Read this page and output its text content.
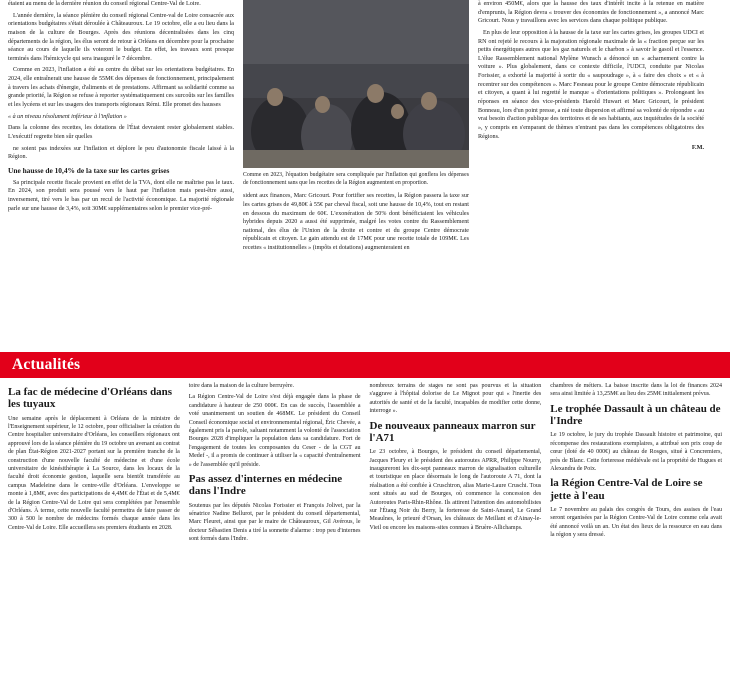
étaient au menu de la dernière réunion du conseil régional Centre-Val de Loire.

L'année dernière, la séance plénière du conseil régional Centre-val de Loire consacrée aux orientations budgétaires s'était déroulée à Châteauroux. Le 19 octobre, elle a eu lieu dans la maison de la culture de Bourges. Après des réunions décentralisées dans les cinq départements de la région, les élus seront de retour à Orléans en décembre pour la prochaine séance au cours de laquelle ils voteront le budget. En effet, les travaux sont presque terminés dans l'hémicycle qui sera inauguré le 7 décembre.

Comme en 2023, l'inflation a été au centre du débat sur les orientations budgétaires. En 2024, elle entraînerait une hausse de 55M€ des dépenses de fonctionnement, principalement à travers les achats d'énergie, d'aliments et de prestations. Affirmant sa solidarité comme sa grande priorité, la Région se refuse à reporter systématiquement ces surcoûts sur les familles et les lycéens et sur les usagers des transports régionaux Rémi. Elle promet des hausses

« à un niveau résolument inférieur à l'inflation »

Dans la colonne des recettes, les dotations de l'État devraient rester globalement stables. L'exécutif regrette bien sûr quelles

ne soient pas indexées sur l'inflation et déplore le peu d'autonomie fiscale laissé à la Région.

Une hausse de 10,4% de la taxe sur les cartes grises

Sa principale recette fiscale provient en effet de la TVA, dont elle ne maîtrise pas le taux. En 2024, son produit sera poussé vers le haut par l'inflation mais peut-être aussi, inversement, tiré vers le bas par un recul de l'activité économique. La majorité régionale parle sur une hausse de 3,4%, soit 30M€ supplémentaires selon le premier vice-pré-

Comme en 2023, l'équation budgétaire sera compliquée par l'inflation qui gonflera les dépenses de fonctionnement sans que les recettes de la Région augmentent en proportion.

sident aux finances, Marc Gricourt. Pour fortifier ses recettes, la Région passera la taxe sur les cartes grises de 49,80€ à 55€ par cheval fiscal, soit une hausse de 10,4%, tout en restant en dessous du maximum de 60€. L'exonération de 50% dont bénéficiaient les véhicules hybrides depuis 2020 a aussi été supprimée, malgré les votes contre du Rassemblement national, des élus de l'Union de la droite et contre et du groupe Centre démocrate républicain et citoyen. Le gain attendu est de 17M€ pour une recette totale de 109M€. Les recettes « institutionnelles » (impôts et dotations) augmenteraient en

à environ 450M€, alors que la hausse des taux d'intérêt incite à la retenue en matière d'emprunts, la Région devra « trouver des économies de fonctionnement », a annoncé Marc Gricourt. Nous y travaillons avec les services dans chaque politique publique.

En plus de leur opposition à la hausse de la taxe sur les cartes grises, les groupes UDCI et RN ont rejeté le recours à la majoration régionale maximale de la « fraction perçue sur les petits énergétiques autres que les gaz naturels et le charbon » à savoir le gasoil et l'essence. L'élue Rassemblement national Mylène Wunsch a dénoncé un « acharnement contre la voiture ». Plus globalement, dans ce contexte difficile, l'UDCI, conduite par Nicolas Forissier, a exhorté la majorité à sortir du « saupoudrage », à « faire des choix » et « à recentrer sur des compétences ». Marc Fesneau pour le groupe Centre démocrate républicain et citoyen, a quant à lui regretté le manque « d'orientations politiques ». Prolongeant les réponses en séance des vice-présidents Harold Huwart et Marc Gricourt, le président Bonneau, lors d'un point presse, a nié toute dispersion et affirmé sa volonté de répondre « au vrai besoin d'action publique des territoires et de ses habitants, aux inquiétudes de la société », y compris en s'emparant de thèmes n'entrant pas dans les compétences obligatoires des Régions.

F.M.
Actualités
La fac de médecine d'Orléans dans les tuyaux

Une semaine après le déplacement à Orléans de la ministre de l'Enseignement supérieur, le 12 octobre, pour officialiser la création du Centre hospitalier universitaire d'Orléans, les conseillers régionaux ont approuvé lors de la séance plénière du 19 octobre un avenant au contrat de plan État-Région 2021-2027 portant sur la première tranche de la construction d'une nouvelle faculté de médecine et d'une école universitaire de kinésithérapie à La Source, dans les locaux de la faculté droit économie gestion, laquelle sera bientôt transférée au campus Madeleine dans le centre-ville d'Orléans. L'enveloppe se monte à 1,8M€, avec des participations de 4,4M€ de l'État et de 5,4M€ de la Région Centre-Val de Loire qui sera complétées par l'ensemble d'Orléans. À terme, cette nouvelle faculté permettra de faire passer de 300 à 500 le nombre de médecins formés chaque année dans les Centre-Val de Loire. Elle accueillera ses premiers étudiants en 2028.

toire dans la maison de la culture berruyère.

La Région Centre-Val de Loire s'est déjà engagée dans la phase de candidature à hauteur de 250 000€. En cas de succès, l'assemblée a voté unanimement un soutien de 468M€. Le président du Conseil Conseil économique social et environnemental régional, Éric Chevée, a également pris la parole, saluant notamment la volonté de l'association Bourges 2028 d'impliquer la population dans sa candidature. Fort de l'engagement de toutes les composantes du Ceser - de la CGT au Medef -, il a promis de continuer à utiliser la « capacité d'entraînement » de l'assemblée qu'il préside.

Pas assez d'internes en médecine dans l'Indre

Soutenus par les députés Nicolas Forissier et François Jolivet, par la sénatrice Nadine Bellurot, par le président du conseil départemental, Marc Fleuret, ainsi que par le maire de Châteauroux, Gil Avérous, le docteur Sébastien Denis a tiré la sonnette d'alarme : trop peu d'internes sont formés dans l'Indre.

nombreux terrains de stages ne sont pas pourvus et la situation s'aggrave à l'hôpital dolorise de Le Mignot pour qui « l'inertie des autorités de santé et de la faculté, incapables de modifier cette donne, interroge ».

De nouveaux panneaux marron sur l'A71

Le 23 octobre, à Bourges, le président du conseil départemental, Jacques Fleury et le président des autoroutes APRR, Philippe Nourry, inaugureront les dix-sept panneaux marron de signalisation culturelle et touristique en place désormais le long de l'autoroute A 71, dont la réalisation a été confiée à Cruschtron, alias Marie-Laure Cruschi. Tous sont situés au sud de Bourges, où commence la concession des Autoroutes Paris-Rhin-Rhône. Ils attirent l'attention des automobilistes sur l'Étang Noir du Berry, la forteresse de Saint-Amand, Le Grand Meaulnes, le prieuré d'Orsan, les châteaux de Meillant et d'Ainay-le-Vieil ou encore les maisons-sites connues à Bruère-Allichamps.

chambres de métiers. La baisse inscrite dans la loi de finances 2024 sera ainsi limitée à 13,25M€ au lieu des 25M€ initialement prévus.

Le trophée Dassault à un château de l'Indre

Le 19 octobre, le jury du trophée Dassault histoire et patrimoine, qui récompense des restaurations exemplaires, a attribué son prix coup de cœur (doté de 40 000€) au château de Rosges, situé à Concremiers, près de Blanc. Cette forteresse médiévale est la propriété de Hugues et Alexandra de Poix.

la Région Centre-Val de Loire se jette à l'eau

Le 7 novembre au palais des congrès de Tours, des assises de l'eau seront organisées par la Région Centre-Val de Loire comme cela avait été annoncé voilà un an. Un état des lieux de la ressource en eau dans la région y sera dressé.
